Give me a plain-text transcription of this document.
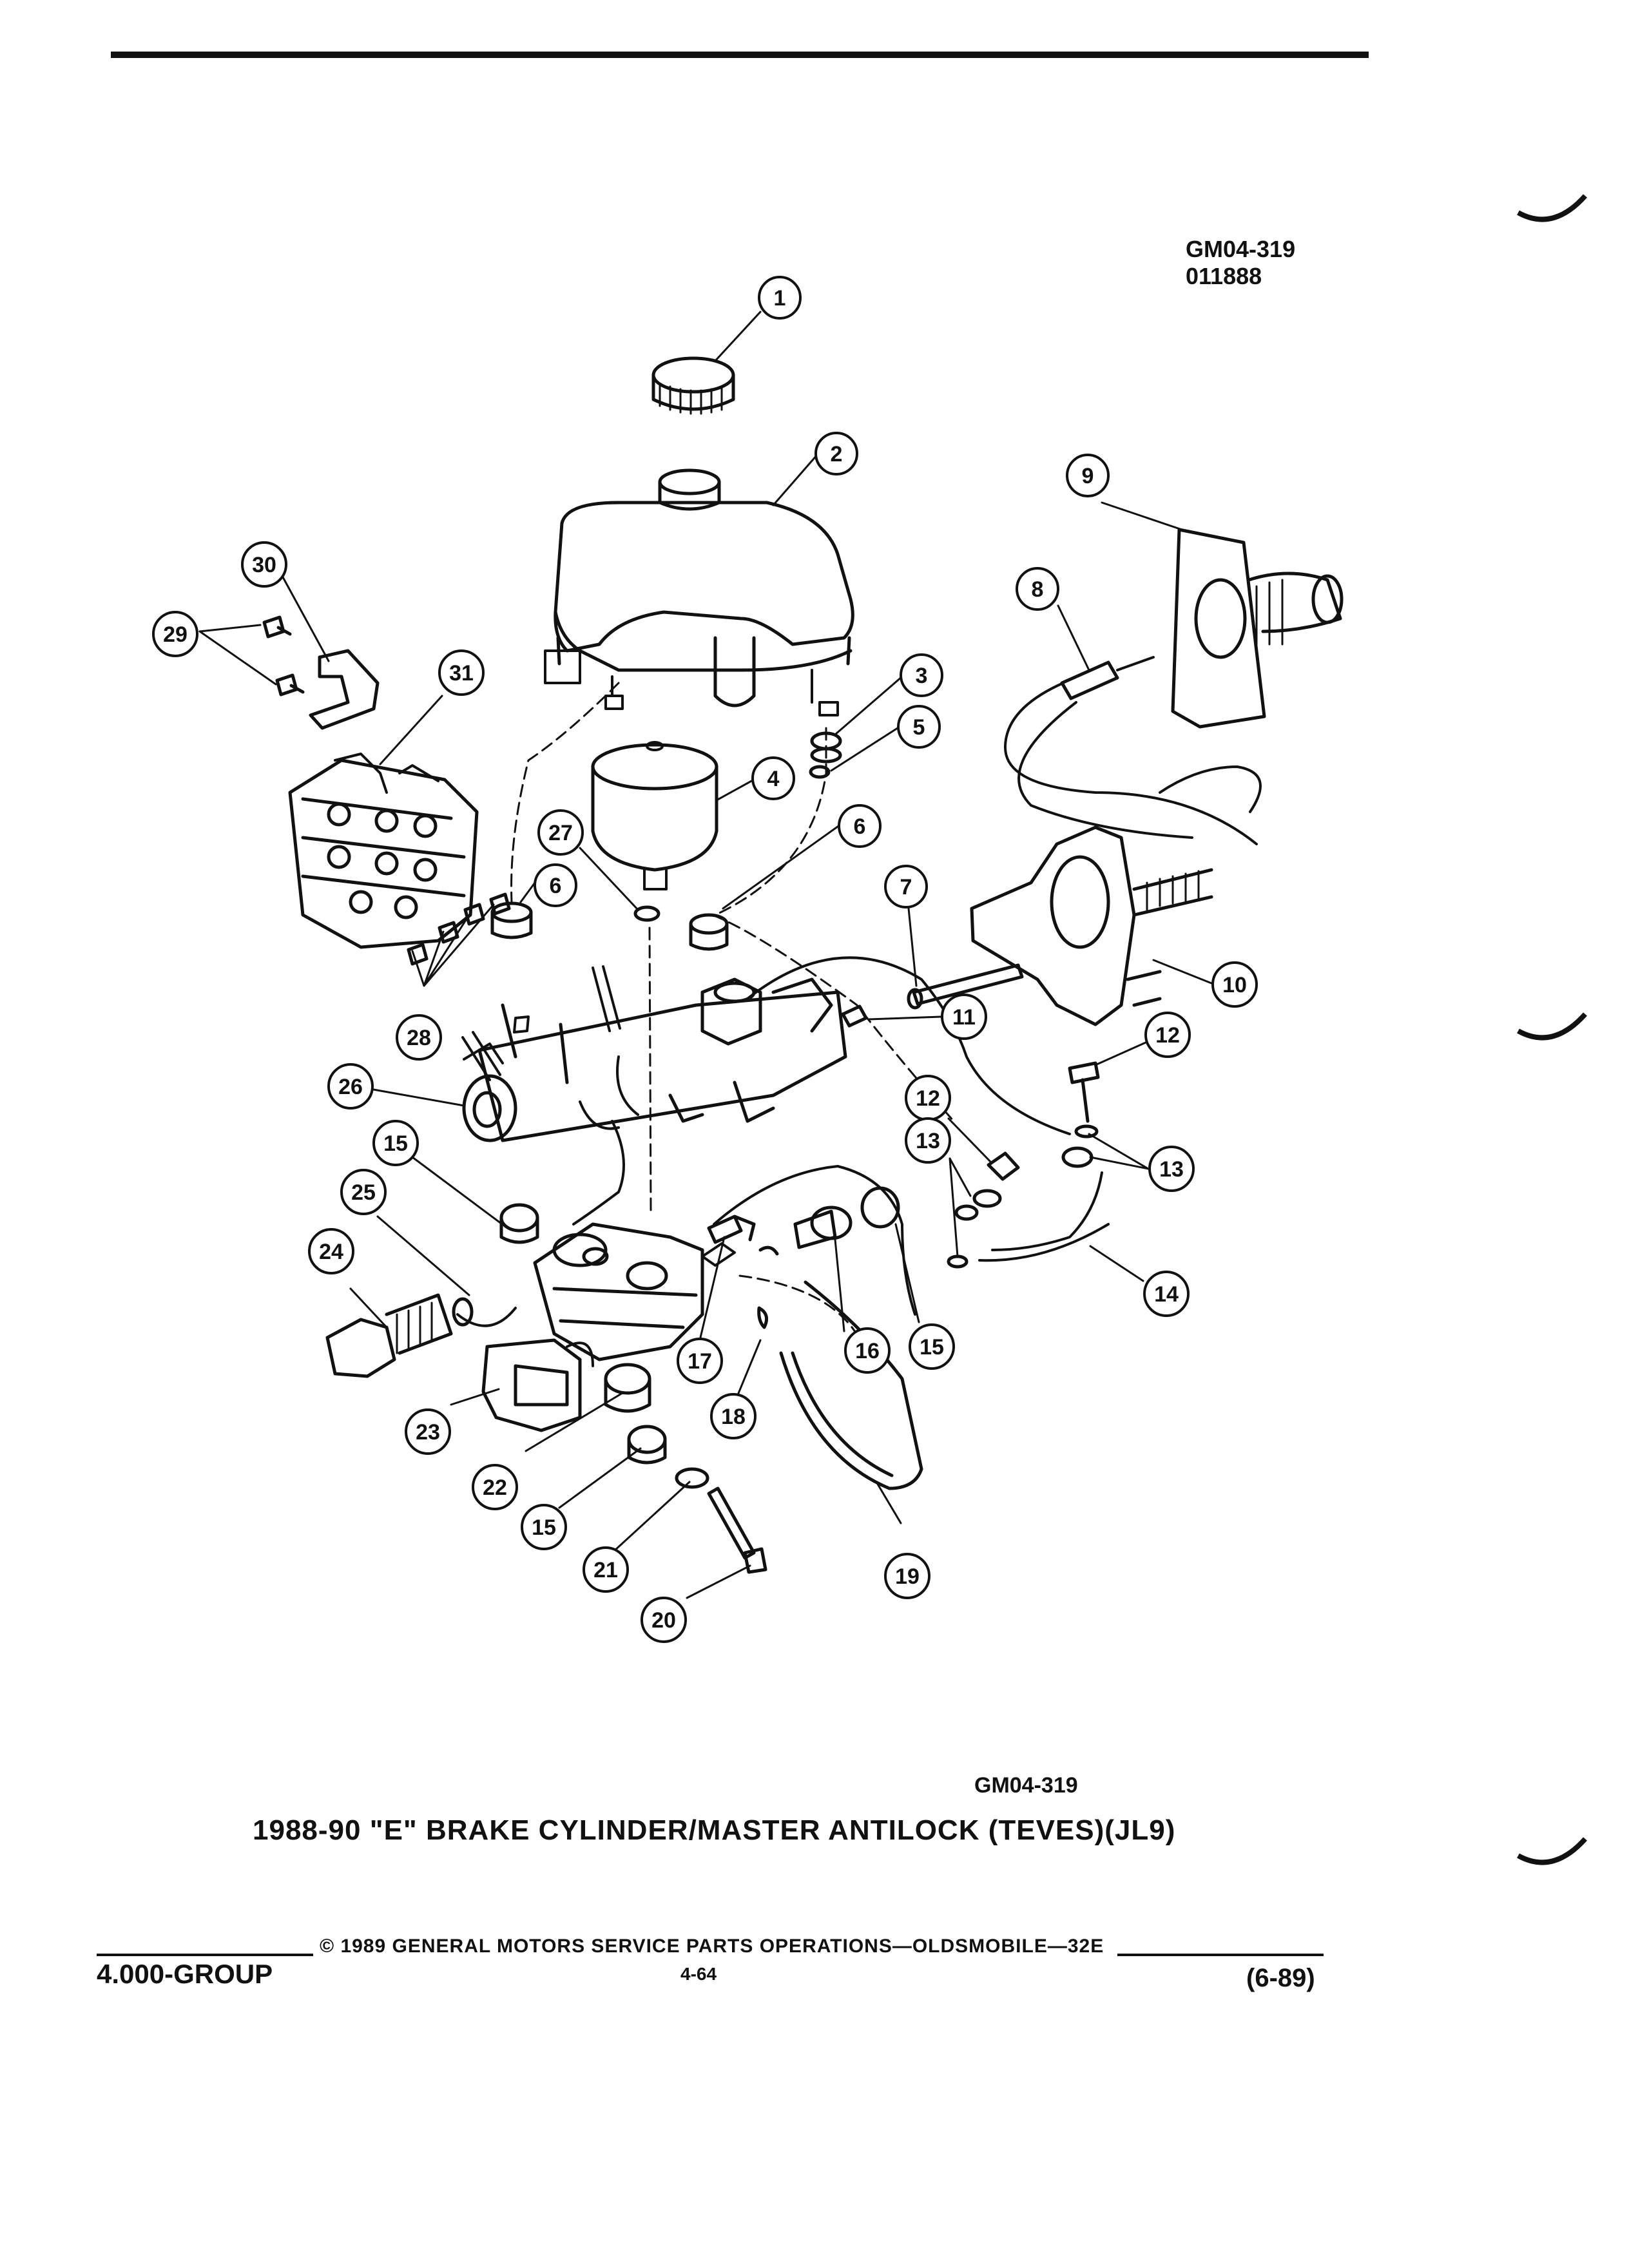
GM04-319
011888
1
2
3
5
4
6
6	7
8
9
10
11
12
12
13
13
14
15
15
15
16
17
18
19
20
21
22
23
24
25
26
27
28
29
30
31
GM04-319
1988-90 "E" BRAKE CYLINDER/MASTER ANTILOCK (TEVES)(JL9)
© 1989 GENERAL MOTORS SERVICE PARTS OPERATIONS—OLDSMOBILE—32E
4.000-GROUP	4-64	(6-89)
